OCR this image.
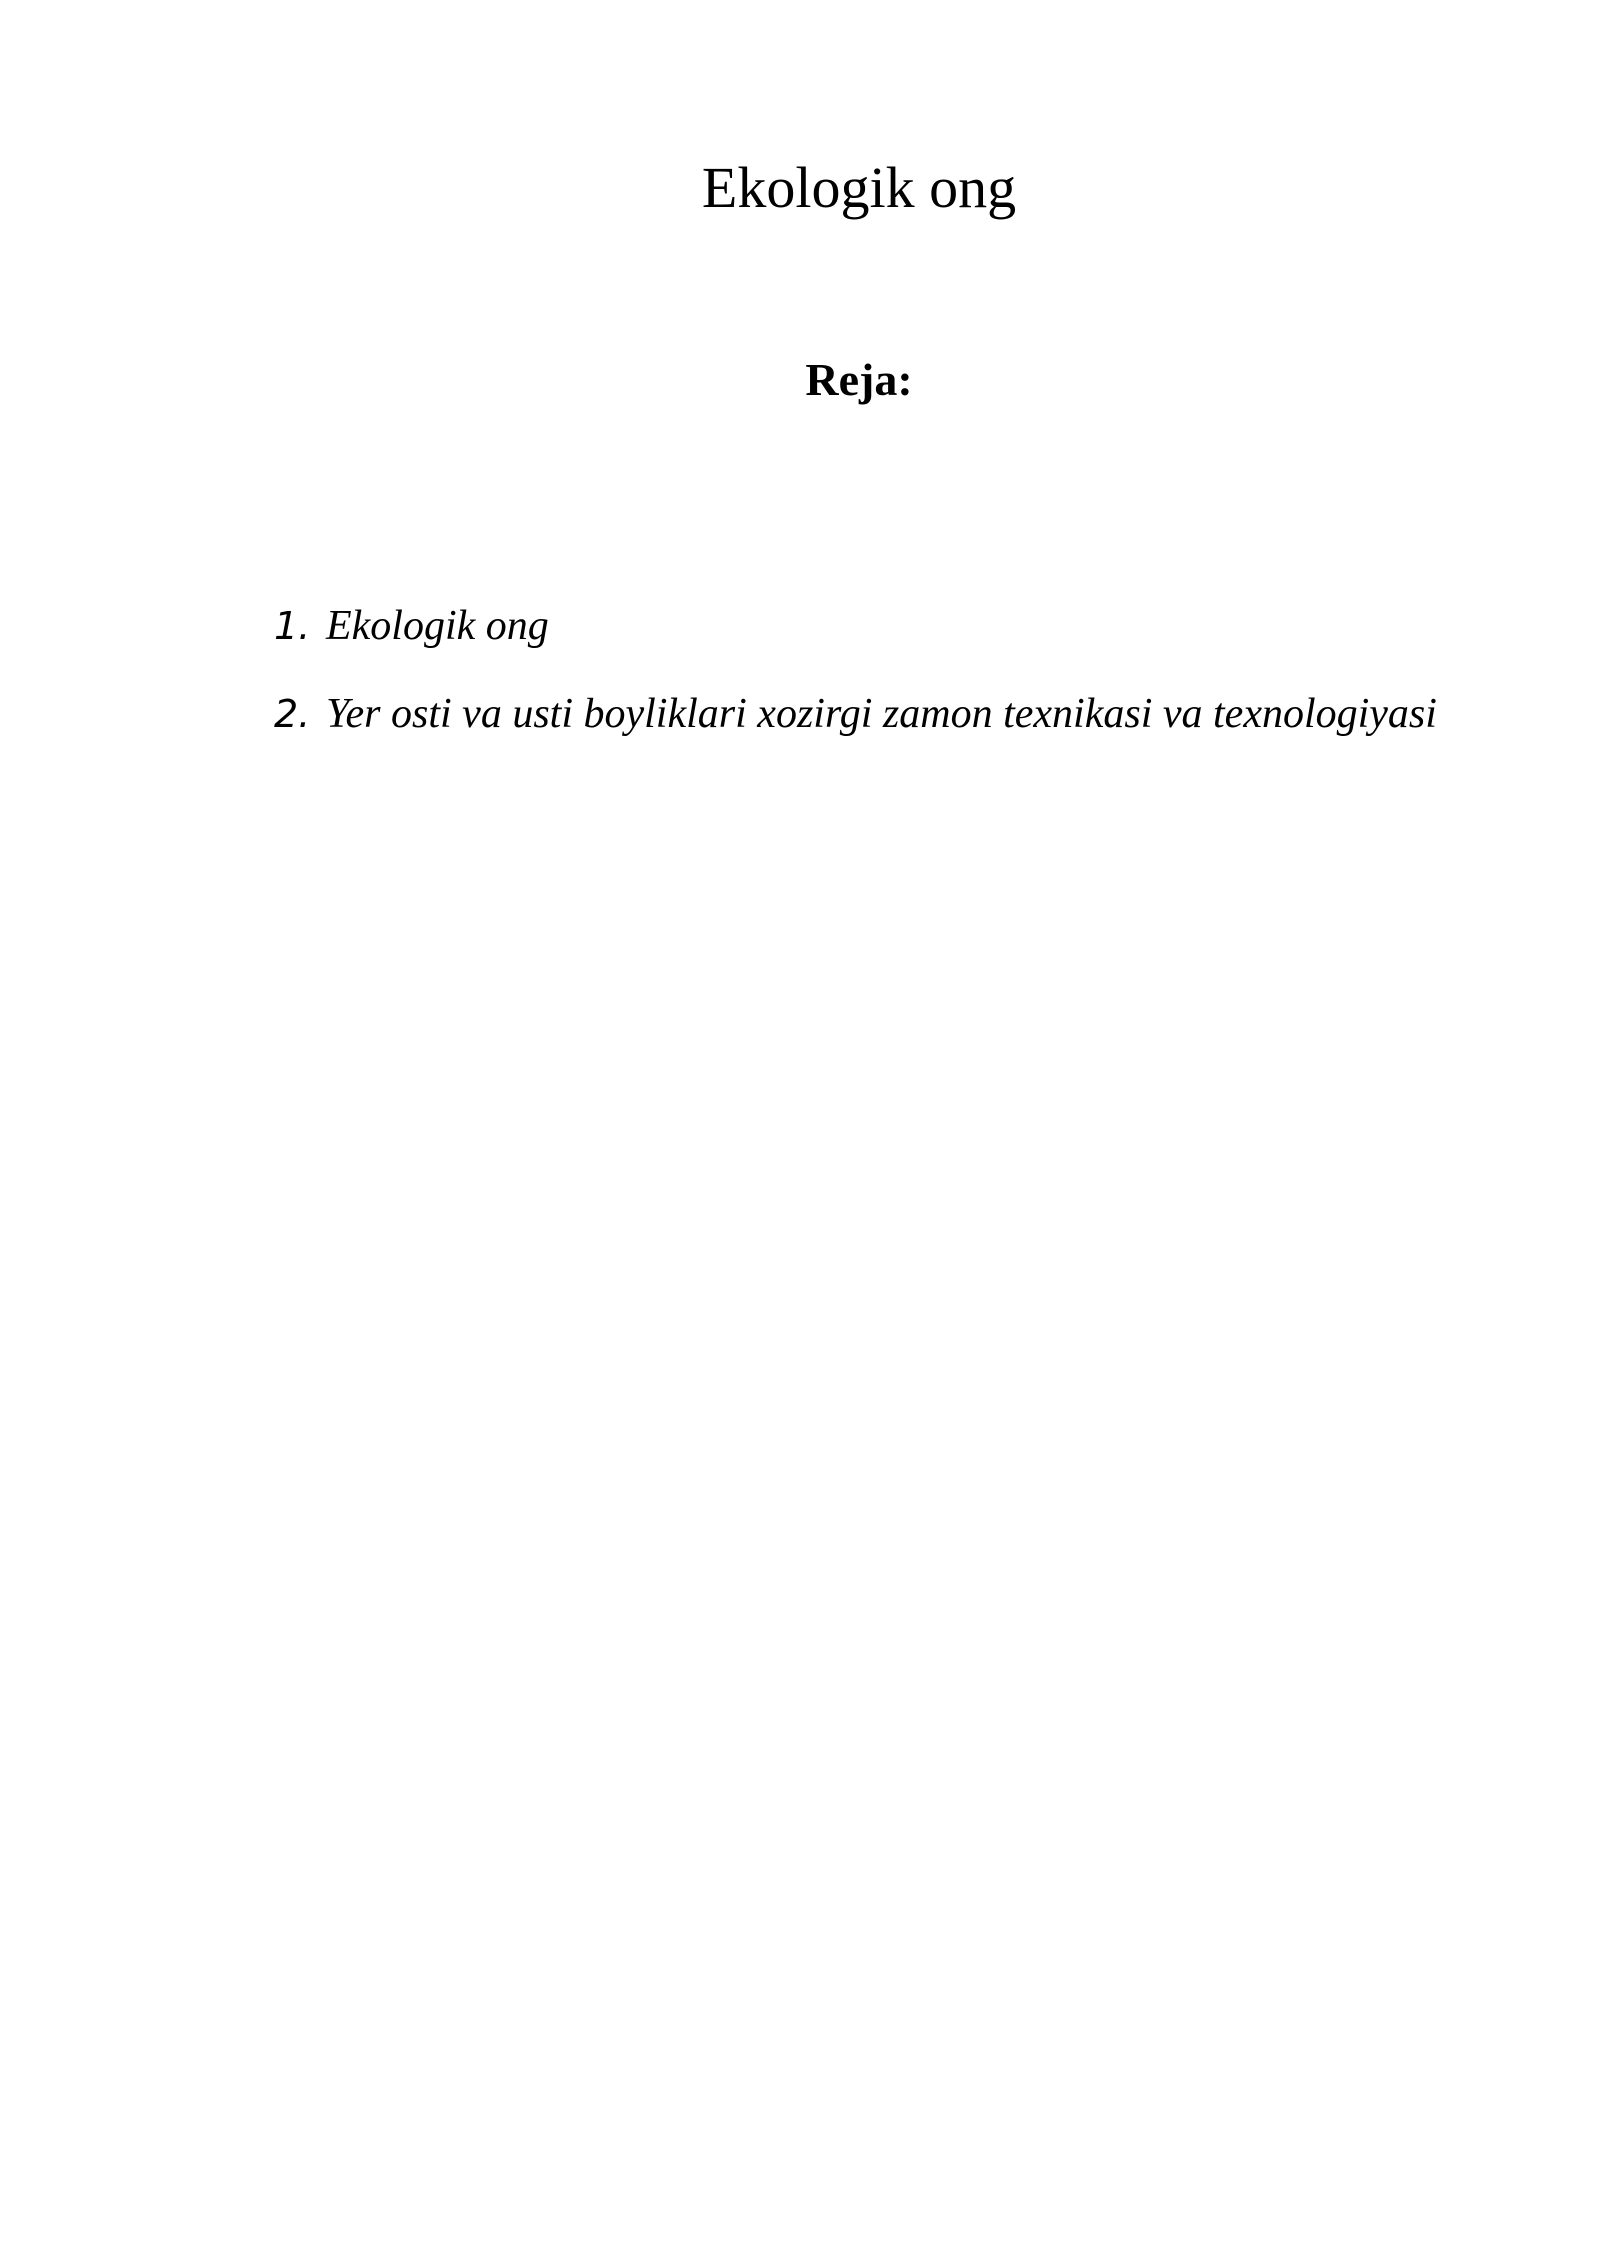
Ekologik ong
Reja:
1. Ekologik ong
2. Yer osti va usti boyliklari xozirgi zamon texnikasi va texnologiyasi
